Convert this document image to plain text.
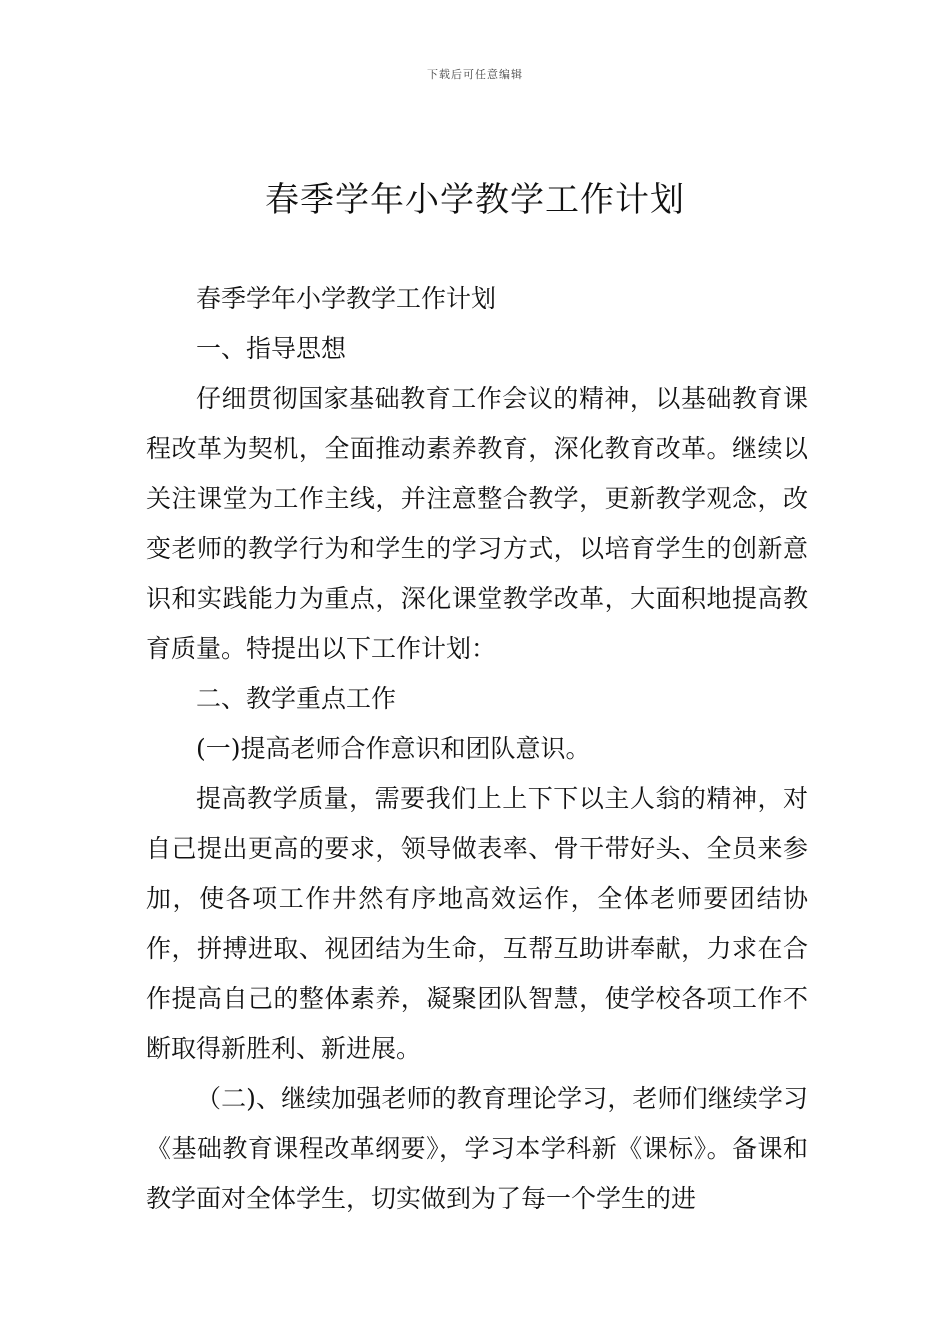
下载后可任意编辑
春季学年小学教学工作计划

春季学年小学教学工作计划

一、指导思想

仔细贯彻国家基础教育工作会议的精神，以基础教育课程改革为契机，全面推动素养教育，深化教育改革。继续以关注课堂为工作主线，并注意整合教学，更新教学观念，改变老师的教学行为和学生的学习方式，以培育学生的创新意识和实践能力为重点，深化课堂教学改革，大面积地提高教育质量。特提出以下工作计划：

二、教学重点工作

(一)提高老师合作意识和团队意识。

提高教学质量，需要我们上上下下以主人翁的精神，对自己提出更高的要求，领导做表率、骨干带好头、全员来参加，使各项工作井然有序地高效运作，全体老师要团结协作，拼搏进取、视团结为生命，互帮互助讲奉献，力求在合作提高自己的整体素养，凝聚团队智慧，使学校各项工作不断取得新胜利、新进展。

（二)、继续加强老师的教育理论学习，老师们继续学习《基础教育课程改革纲要》，学习本学科新《课标》。备课和教学面对全体学生，切实做到为了每一个学生的进
